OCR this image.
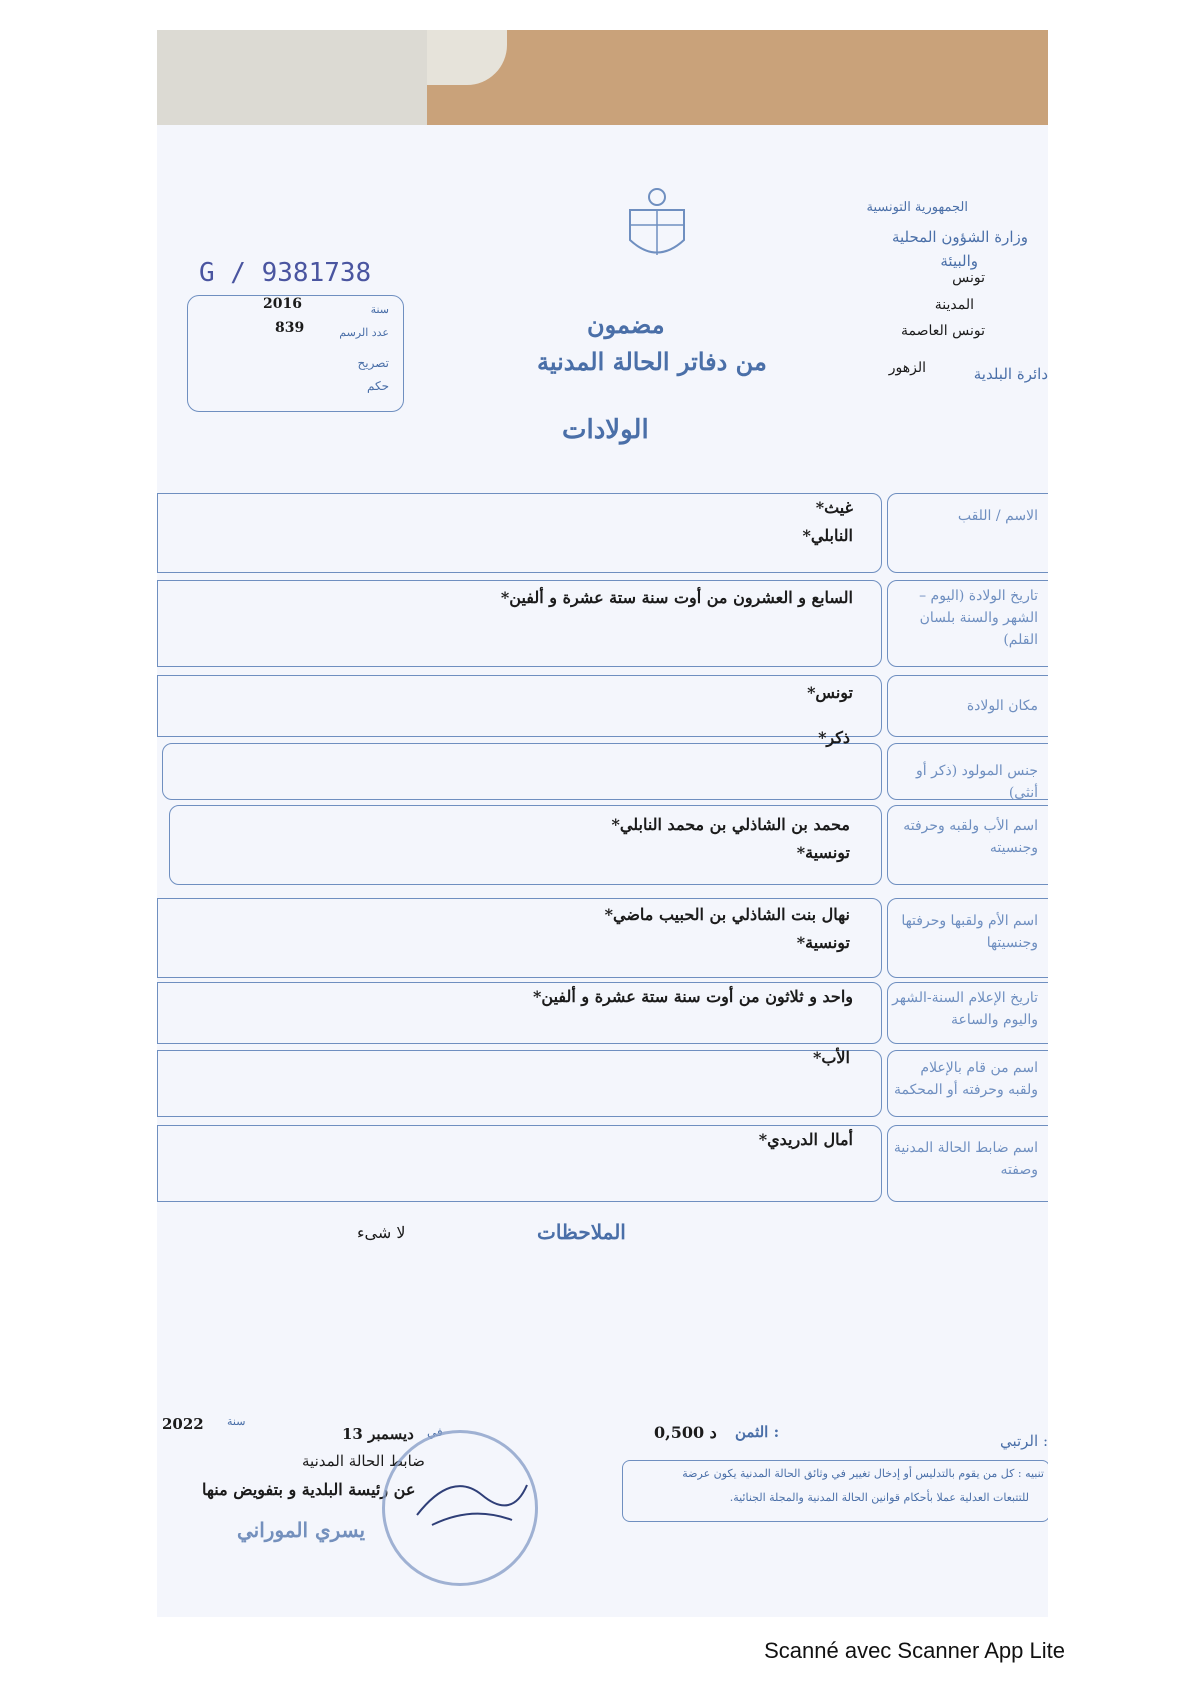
الجمهورية التونسية
وزارة الشؤون المحلية
والبيئة
تونس
المدينة
تونس العاصمة
الزهور	دائرة البلدية
G / 9381738
2016	سنة
839	عدد الرسم
تصريح
حكم
مضمون
من دفاتر الحالة المدنية
الولادات
الاسم / اللقب
غيث*
النابلي*
تاريخ الولادة (اليوم – الشهر والسنة بلسان القلم)
السابع و العشرون من أوت سنة ستة عشرة و ألفين*
مكان الولادة
تونس*
جنس المولود (ذكر أو أنثى)
ذكر*
اسم الأب ولقبه وحرفته وجنسيته
محمد بن الشاذلي بن محمد النابلي*
تونسية*
اسم الأم ولقبها وحرفتها وجنسيتها
نهال بنت الشاذلي بن الحبيب ماضي*
تونسية*
تاريخ الإعلام السنة-الشهر واليوم والساعة
واحد و ثلاثون من أوت سنة ستة عشرة و ألفين*
اسم من قام بالإعلام ولقبه وحرفته أو المحكمة
الأب*
اسم ضابط الحالة المدنية وصفته
أمال الدريدي*
الملاحظات
لا شىء
2022 سنة
13 ديسمبر في
ضابط الحالة المدنية
عن رئيسة البلدية و بتفويض منها
يسري الموراني
0,500 د الثمن :	الرتبي :
تنبيه : كل من يقوم بالتدليس أو إدخال تغيير في وثائق الحالة المدنية يكون عرضة
للتتبعات العدلية عملا بأحكام قوانين الحالة المدنية والمجلة الجنائية.
Scanné avec Scanner App Lite
